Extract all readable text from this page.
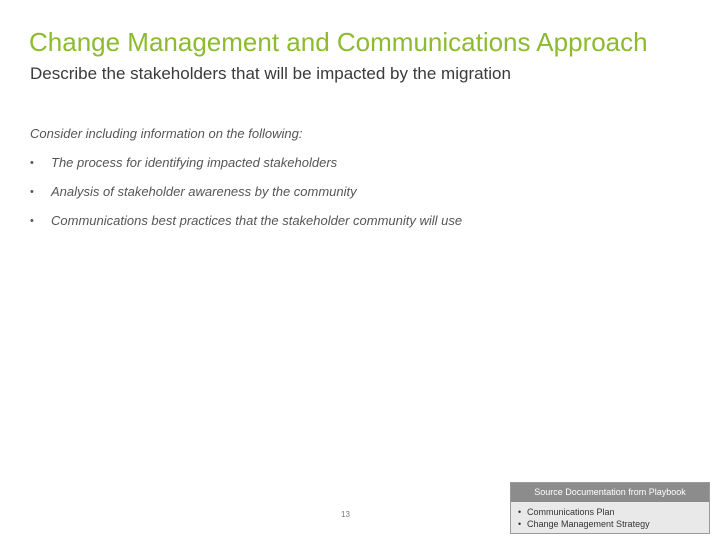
Change Management and Communications Approach
Describe the stakeholders that will be impacted by the migration
Consider including information on the following:
• The process for identifying impacted stakeholders
• Analysis of stakeholder awareness by the community
• Communications best practices that the stakeholder community will use
13
Source Documentation from Playbook
• Communications Plan
• Change Management Strategy
